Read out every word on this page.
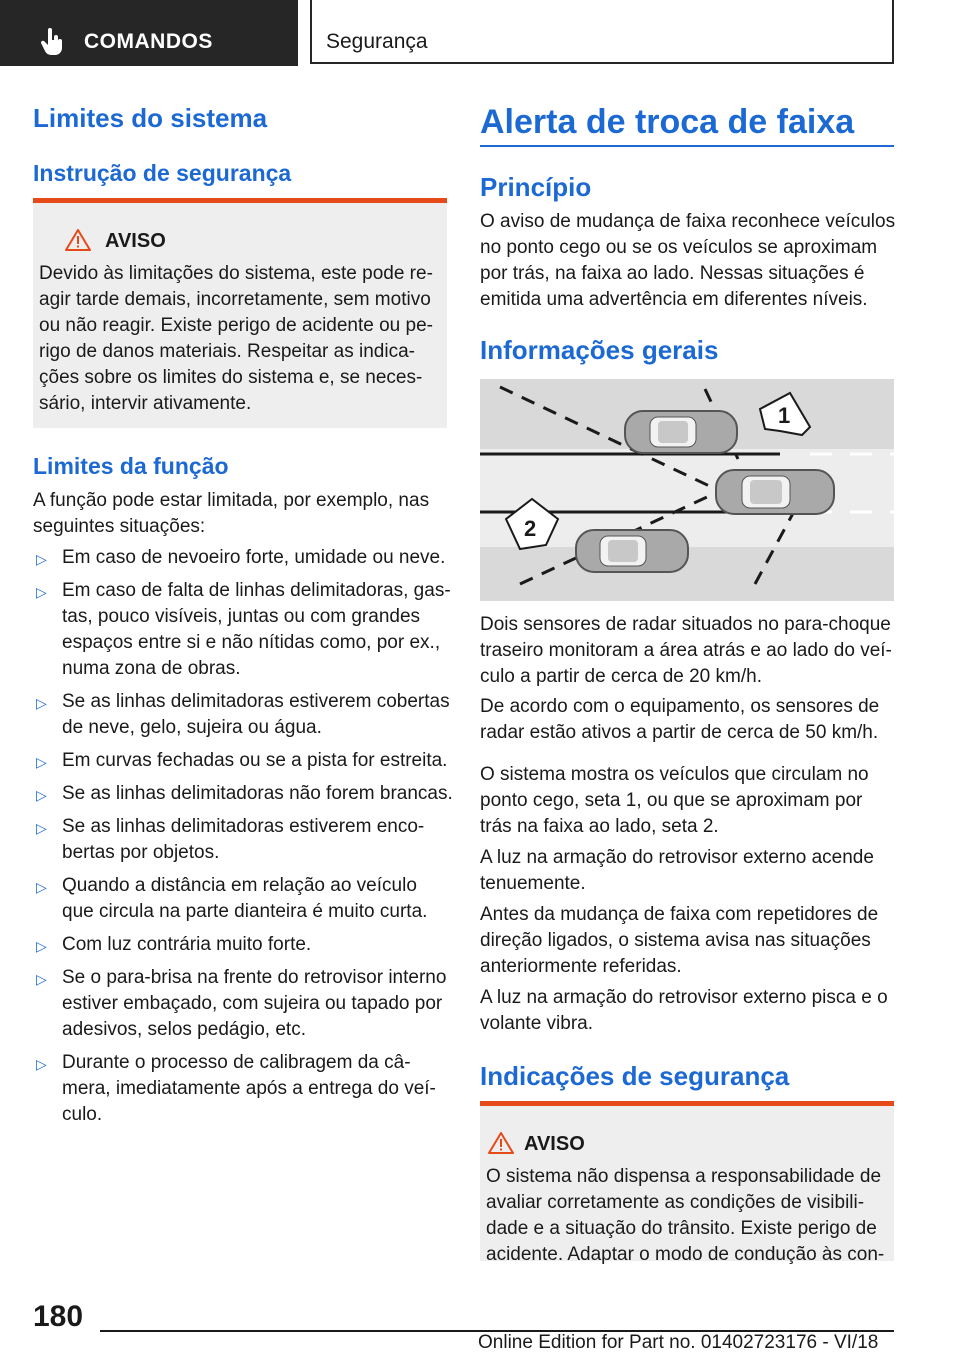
COMANDOS	Segurança
Limites do sistema
Instrução de segurança
AVISO
Devido às limitações do sistema, este pode re-
agir tarde demais, incorretamente, sem motivo
ou não reagir. Existe perigo de acidente ou pe-
rigo de danos materiais. Respeitar as indica-
ções sobre os limites do sistema e, se neces-
sário, intervir ativamente.
Limites da função
A função pode estar limitada, por exemplo, nas
seguintes situações:
▷ Em caso de nevoeiro forte, umidade ou neve.
▷ Em caso de falta de linhas delimitadoras, gas-
tas, pouco visíveis, juntas ou com grandes
espaços entre si e não nítidas como, por ex.,
numa zona de obras.
▷ Se as linhas delimitadoras estiverem cobertas
de neve, gelo, sujeira ou água.
▷ Em curvas fechadas ou se a pista for estreita.
▷ Se as linhas delimitadoras não forem brancas.
▷ Se as linhas delimitadoras estiverem enco-
bertas por objetos.
▷ Quando a distância em relação ao veículo
que circula na parte dianteira é muito curta.
▷ Com luz contrária muito forte.
▷ Se o para-brisa na frente do retrovisor interno
estiver embaçado, com sujeira ou tapado por
adesivos, selos pedágio, etc.
▷ Durante o processo de calibragem da câ-
mera, imediatamente após a entrega do veí-
culo.
Alerta de troca de faixa
Princípio
O aviso de mudança de faixa reconhece veículos
no ponto cego ou se os veículos se aproximam
por trás, na faixa ao lado. Nessas situações é
emitida uma advertência em diferentes níveis.
Informações gerais
1
2
Dois sensores de radar situados no para-choque
traseiro monitoram a área atrás e ao lado do veí-
culo a partir de cerca de 20 km/h.
De acordo com o equipamento, os sensores de
radar estão ativos a partir de cerca de 50 km/h.
O sistema mostra os veículos que circulam no
ponto cego, seta 1, ou que se aproximam por
trás na faixa ao lado, seta 2.
A luz na armação do retrovisor externo acende
tenuemente.
Antes da mudança de faixa com repetidores de
direção ligados, o sistema avisa nas situações
anteriormente referidas.
A luz na armação do retrovisor externo pisca e o
volante vibra.
Indicações de segurança
AVISO
O sistema não dispensa a responsabilidade de
avaliar corretamente as condições de visibili-
dade e a situação do trânsito. Existe perigo de
acidente. Adaptar o modo de condução às con-
180
Online Edition for Part no. 01402723176 - VI/18
